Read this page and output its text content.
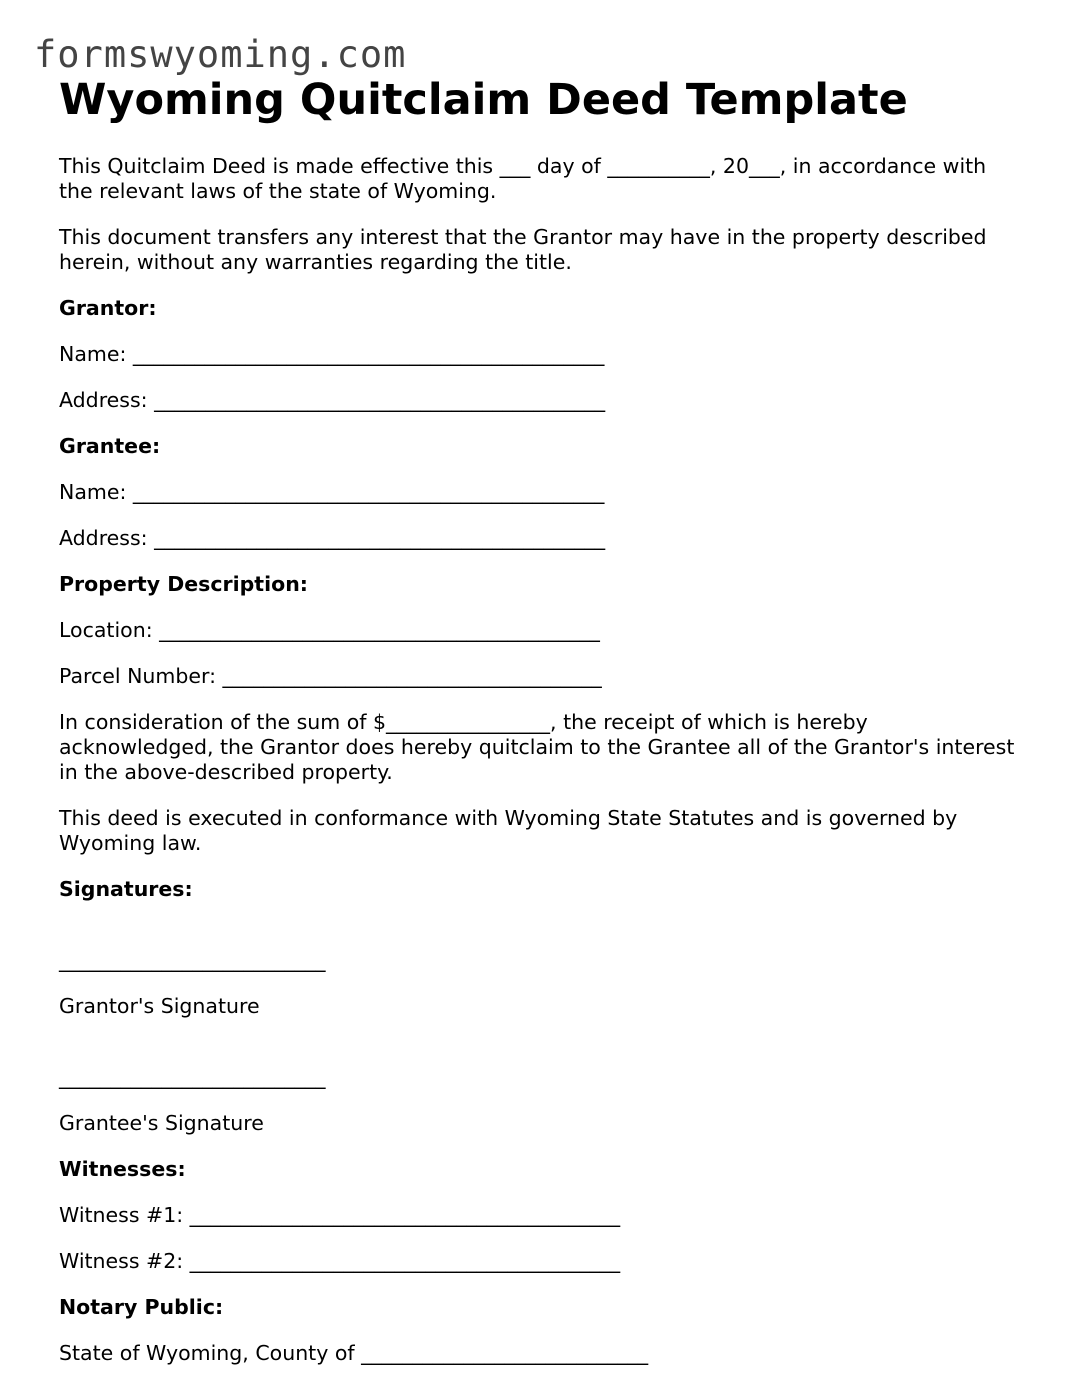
formswyoming.com
Wyoming Quitclaim Deed Template

This Quitclaim Deed is made effective this ___ day of __________, 20___, in accordance with the relevant laws of the state of Wyoming.

This document transfers any interest that the Grantor may have in the property described herein, without any warranties regarding the title.

Grantor:

Name: ______________________________________________

Address: ____________________________________________

Grantee:

Name: ______________________________________________

Address: ____________________________________________

Property Description:

Location: ___________________________________________

Parcel Number: _____________________________________

In consideration of the sum of $________________, the receipt of which is hereby acknowledged, the Grantor does hereby quitclaim to the Grantee all of the Grantor's interest in the above-described property.

This deed is executed in conformance with Wyoming State Statutes and is governed by Wyoming law.

Signatures:

__________________________

Grantor's Signature

__________________________

Grantee's Signature

Witnesses:

Witness #1: __________________________________________

Witness #2: __________________________________________

Notary Public:

State of Wyoming, County of ____________________________
